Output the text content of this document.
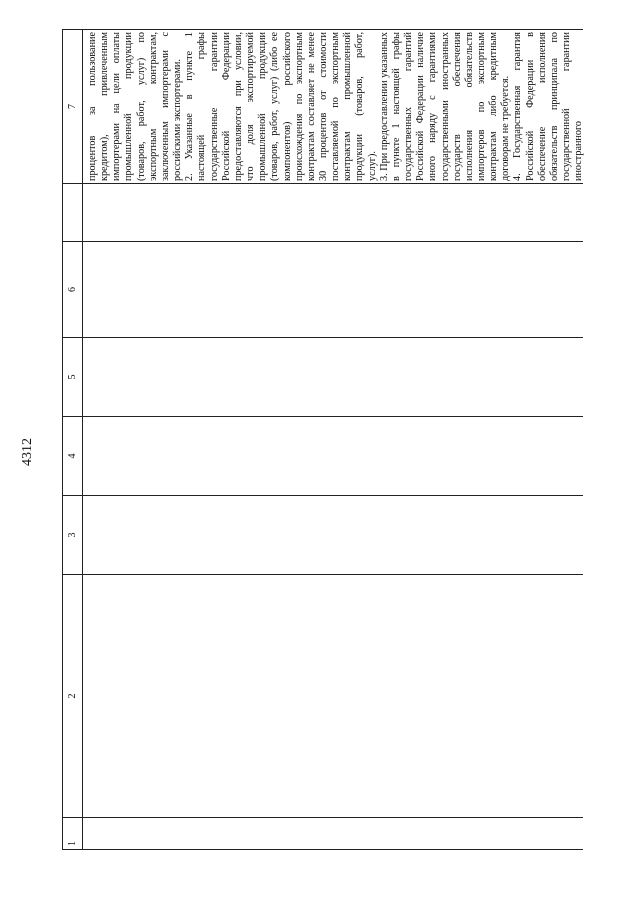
4312
1
2
3
4
5
6
7 процентов за пользование кредитом), привлеченным импортерами на цели оплаты промышленной продукции (товаров, работ, услуг) по экспортным контрактам, заключенным импортерами с российскими экспортерами. 2. Указанные в пункте 1 настоящей графы государственные гарантии Российской Федерации предоставляются при условии, что доля экспортируемой промышленной продукции (товаров, работ, услуг) (либо ее компонентов) российского происхождения по экспортным контрактам составляет не менее 30 процентов от стоимости поставляемой по экспортным контрактам промышленной продукции (товаров, работ, услуг). 3. При предоставлении указанных в пункте 1 настоящей графы государственных гарантий Российской Федерации наличие иного наряду с гарантиями государственными иностранных государств обеспечения исполнения обязательств импортеров по экспортным контрактам либо кредитным договорам не требуется. 4. Государственная гарантия Российской Федерации в обеспечение исполнения обязательств принципала по государственной гарантии иностранного
